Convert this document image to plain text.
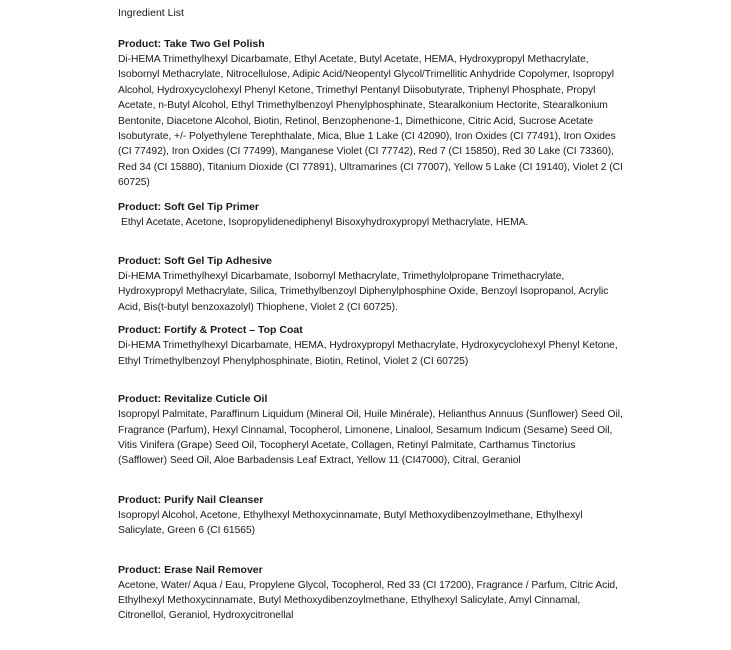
Ingredient List

Product: Take Two Gel Polish

Di-HEMA Trimethylhexyl Dicarbamate, Ethyl Acetate, Butyl Acetate, HEMA, Hydroxypropyl Methacrylate, Isobornyl Methacrylate, Nitrocellulose, Adipic Acid/Neopentyl Glycol/Trimellitic Anhydride Copolymer, Isopropyl Alcohol, Hydroxycyclohexyl Phenyl Ketone, Trimethyl Pentanyl Diisobutyrate, Triphenyl Phosphate, Propyl Acetate, n-Butyl Alcohol, Ethyl Trimethylbenzoyl Phenylphosphinate, Stearalkonium Hectorite, Stearalkonium Bentonite, Diacetone Alcohol, Biotin, Retinol, Benzophenone-1, Dimethicone, Citric Acid, Sucrose Acetate Isobutyrate, +/- Polyethylene Terephthalate, Mica, Blue 1 Lake (CI 42090), Iron Oxides (CI 77491), Iron Oxides (CI 77492), Iron Oxides (CI 77499), Manganese Violet (CI 77742), Red 7 (CI 15850), Red 30 Lake (CI 73360), Red 34 (CI 15880), Titanium Dioxide (CI 77891), Ultramarines (CI 77007), Yellow 5 Lake (CI 19140), Violet 2 (CI 60725)

Product: Soft Gel Tip Primer

Ethyl Acetate, Acetone, Isopropylidenediphenyl Bisoxyhydroxypropyl Methacrylate, HEMA.

Product: Soft Gel Tip Adhesive

Di-HEMA Trimethylhexyl Dicarbamate, Isobornyl Methacrylate, Trimethylolpropane Trimethacrylate, Hydroxypropyl Methacrylate, Silica, Trimethylbenzoyl Diphenylphosphine Oxide, Benzoyl Isopropanol, Acrylic Acid, Bis(t-butyl benzoxazolyl) Thiophene, Violet 2 (CI 60725).

Product: Fortify & Protect – Top Coat

Di-HEMA Trimethylhexyl Dicarbamate, HEMA, Hydroxypropyl Methacrylate, Hydroxycyclohexyl Phenyl Ketone, Ethyl Trimethylbenzoyl Phenylphosphinate, Biotin, Retinol, Violet 2 (CI 60725)

Product: Revitalize Cuticle Oil

Isopropyl Palmitate, Paraffinum Liquidum (Mineral Oil, Huile Minérale), Helianthus Annuus (Sunflower) Seed Oil, Fragrance (Parfum), Hexyl Cinnamal, Tocopherol, Limonene, Linalool, Sesamum Indicum (Sesame) Seed Oil, Vitis Vinifera (Grape) Seed Oil, Tocopheryl Acetate, Collagen, Retinyl Palmitate, Carthamus Tinctorius (Safflower) Seed Oil, Aloe Barbadensis Leaf Extract, Yellow 11 (CI47000), Citral, Geraniol

Product: Purify Nail Cleanser

Isopropyl Alcohol, Acetone, Ethylhexyl Methoxycinnamate, Butyl Methoxydibenzoylmethane, Ethylhexyl Salicylate, Green 6 (CI 61565)

Product: Erase Nail Remover

Acetone, Water/ Aqua / Eau, Propylene Glycol, Tocopherol, Red 33 (CI 17200), Fragrance / Parfum, Citric Acid, Ethylhexyl Methoxycinnamate, Butyl Methoxydibenzoylmethane, Ethylhexyl Salicylate, Amyl Cinnamal, Citronellol, Geraniol, Hydroxycitronellal
